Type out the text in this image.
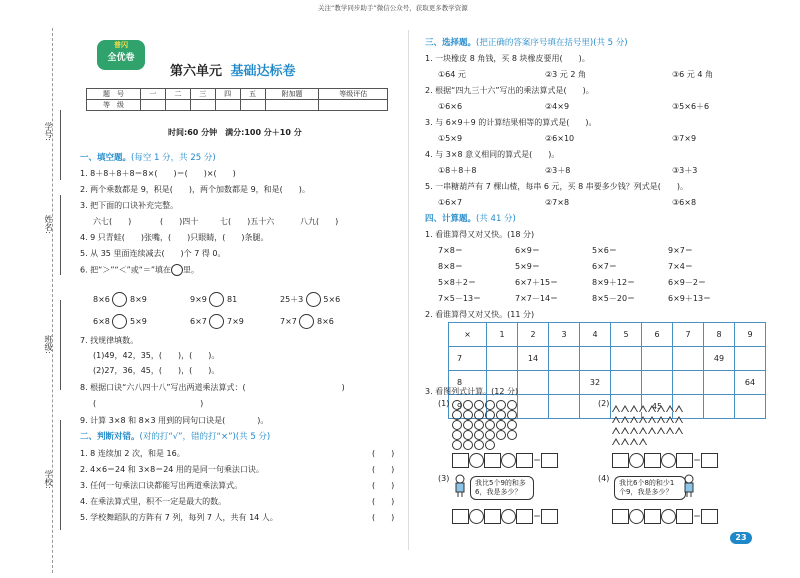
关注“教学同步助手”微信公众号，获取更多教学资源
学号:
姓名:
班级:
学校:
普闪
全优卷
第六单元 基础达标卷
题　号	一	二	三	四	五	附加题	等级评估
等　级							
时间:60 分钟　满分:100 分＋10 分
一、填空题。(每空 1 分，共 25 分)
1. 8＋8＋8＋8＝8×(　　)＝(　　)×(　　)
2. 两个乘数都是 9，积是(　　)，两个加数都是 9，和是(　　)。
3. 把下面的口诀补充完整。
六七(　　)	(　　)四十	七(　　)五十六	八九(　　)
4. 9 只青蛙(　　)张嘴，(　　)只眼睛，(　　)条腿。
5. 从 35 里面连续减去(　　)个 7 得 0。
6. 把“＞”“＜”或“＝”填在 里。
8×6	8×9	9×9	81	25＋3	5×6
6×8	5×9	6×7	7×9	7×7	8×6
7. 找规律填数。
(1)49，42，35，(　　)，(　　)。
(2)27，36，45，(　　)，(　　)。
8. 根据口诀“六八四十八”写出两道乘法算式：(　　　　　　　　　　　　)
(　　　　　　　　　　　　　)
9. 计算 3×8 和 8×3 用到的同句口诀是(　　　　)。
二、判断对错。(对的打“√”，错的打“×”)(共 5 分)
1. 8 连续加 2 次，和是 16。
2. 4×6＝24 和 3×8＝24 用的是同一句乘法口诀。
3. 任何一句乘法口诀都能写出两道乘法算式。
4. 在乘法算式里，积不一定是最大的数。
5. 学校舞蹈队的方阵有 7 列，每列 7 人，共有 14 人。
(　　)
(　　)
(　　)
(　　)
(　　)
三、选择题。(把正确的答案序号填在括号里)(共 5 分)
1. 一块橡皮 8 角钱，买 8 块橡皮要用(　　)。
①64 元	②3 元 2 角	③6 元 4 角
2. 根据“四九三十六”写出的乘法算式是(　　)。
①6×6	②4×9	③5×6＋6
3. 与 6×9＋9 的计算结果相等的算式是(　　)。
①5×9	②6×10	③7×9
4. 与 3×8 意义相同的算式是(　　)。
①8＋8＋8	②3＋8	③3＋3
5. 一串糖葫芦有 7 棵山楂，每串 6 元，买 8 串要多少钱？列式是(　　)。
①6×7	②7×8	③6×8
四、计算题。(共 41 分)
1. 看谁算得又对又快。(18 分)
7×8＝	6×9＝	5×6＝	9×7＝
8×8＝	5×9＝	6×7＝	7×4＝
5×8＋2＝	6×7＋15＝	8×9＋12＝	6×9－2＝
7×5－13＝	7×7－14＝	8×5－20＝	6×9＋13＝
2. 看谁算得又对又快。(11 分)
×	1	2	3	4	5	6	7	8	9
7		14						49	
8				32					64
9						45			
3. 看图列式计算。(12 分)
(1)	(2)
＝	＝
(3)	我比5个9的和多6，我是多少？
(4)	我比6个8的和少1个9，我是多少？
＝	＝
23
